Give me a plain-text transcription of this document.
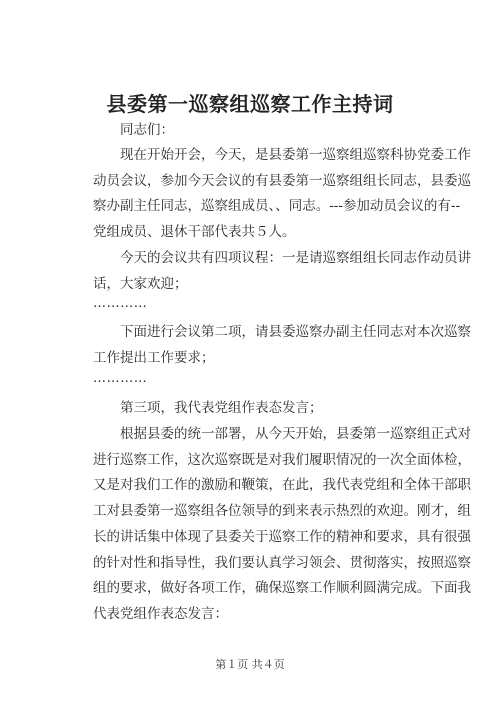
县委第一巡察组巡察工作主持词
同志们：
现在开始开会，今天，是县委第一巡察组巡察科协党委工作
动员会议，参加今天会议的有县委第一巡察组组长同志，县委巡
察办副主任同志，巡察组成员、、同志。---参加动员会议的有--
党组成员、退休干部代表共５人。
今天的会议共有四项议程：一是请巡察组组长同志作动员讲
话，大家欢迎；
…………
下面进行会议第二项，请县委巡察办副主任同志对本次巡察
工作提出工作要求；
…………
第三项，我代表党组作表态发言；
根据县委的统一部署，从今天开始，县委第一巡察组正式对
进行巡察工作，这次巡察既是对我们履职情况的一次全面体检，
又是对我们工作的激励和鞭策，在此，我代表党组和全体干部职
工对县委第一巡察组各位领导的到来表示热烈的欢迎。刚才，组
长的讲话集中体现了县委关于巡察工作的精神和要求，具有很强
的针对性和指导性，我们要认真学习领会、贯彻落实，按照巡察
组的要求，做好各项工作，确保巡察工作顺利圆满完成。下面我
代表党组作表态发言：
第１页 共４页
